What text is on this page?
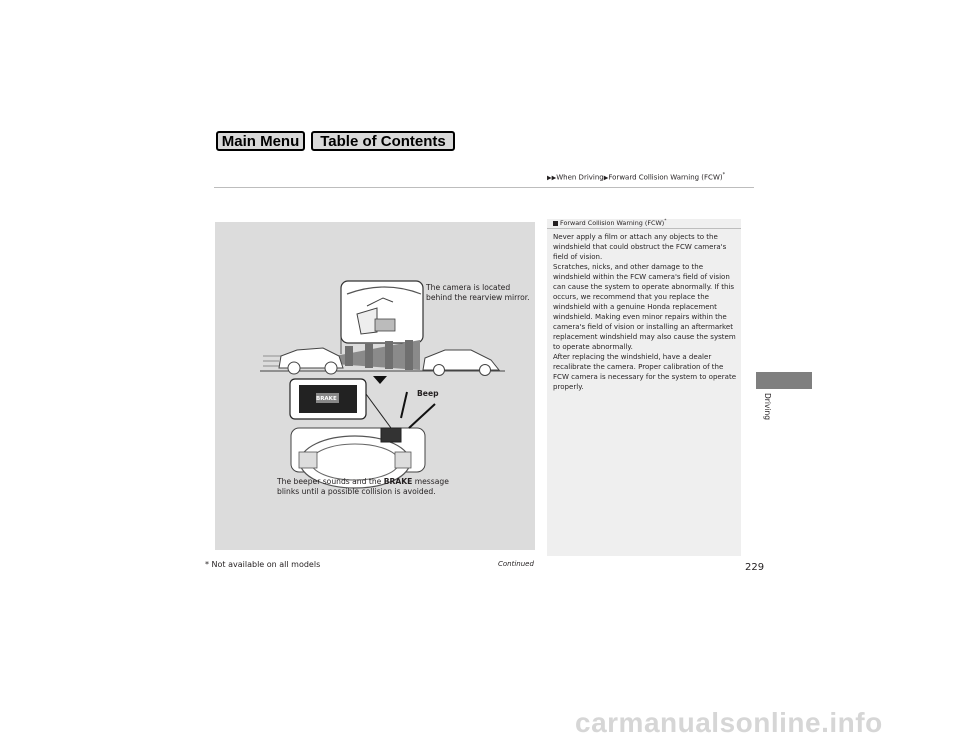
Main Menu	Table of Contents
▶▶When Driving▶Forward Collision Warning (FCW)*
The camera is located
behind the rearview mirror.
Beep
BRAKE
The beeper sounds and the BRAKE message
blinks until a possible collision is avoided.
Forward Collision Warning (FCW)*

Never apply a film or attach any objects to the windshield that could obstruct the FCW camera's field of vision.

Scratches, nicks, and other damage to the windshield within the FCW camera's field of vision can cause the system to operate abnormally. If this occurs, we recommend that you replace the windshield with a genuine Honda replacement windshield. Making even minor repairs within the camera's field of vision or installing an aftermarket replacement windshield may also cause the system to operate abnormally.

After replacing the windshield, have a dealer recalibrate the camera. Proper calibration of the FCW camera is necessary for the system to operate properly.

Driving
229
Continued
* Not available on all models
carmanualsonline.info
